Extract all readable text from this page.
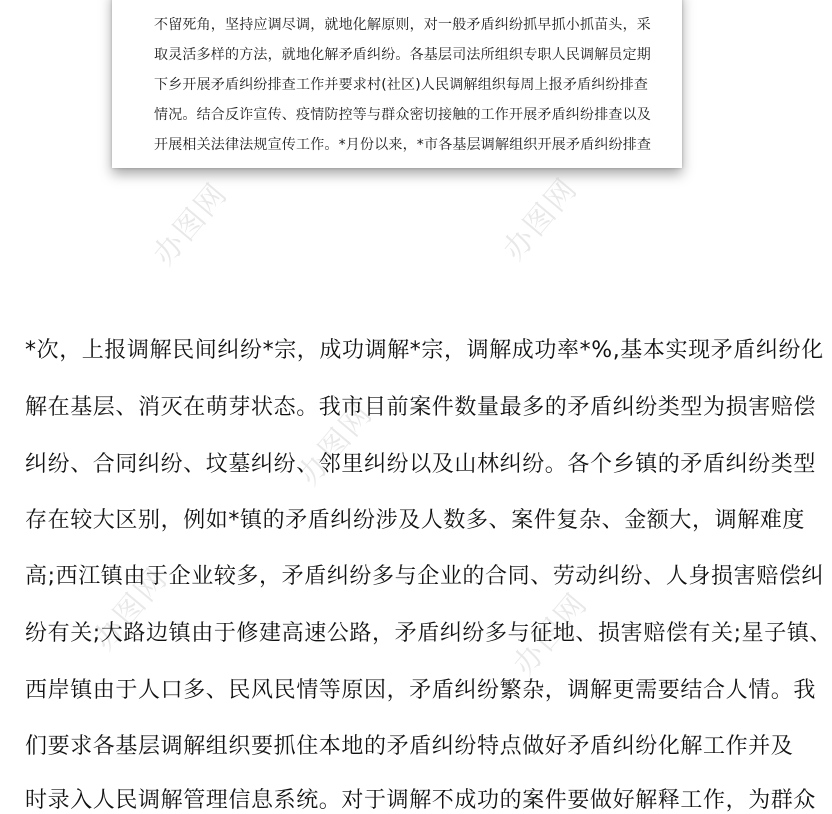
不留死角，坚持应调尽调，就地化解原则，对一般矛盾纠纷抓早抓小抓苗头，采
取灵活多样的方法，就地化解矛盾纠纷。各基层司法所组织专职人民调解员定期
下乡开展矛盾纠纷排查工作并要求村(社区)人民调解组织每周上报矛盾纠纷排查
情况。结合反诈宣传、疫情防控等与群众密切接触的工作开展矛盾纠纷排查以及
开展相关法律法规宣传工作。*月份以来，*市各基层调解组织开展矛盾纠纷排查
办图网	办图网
办图网
办图网	办图网
*次，上报调解民间纠纷*宗，成功调解*宗，调解成功率*%,基本实现矛盾纠纷化
解在基层、消灭在萌芽状态。我市目前案件数量最多的矛盾纠纷类型为损害赔偿
纠纷、合同纠纷、坟墓纠纷、邻里纠纷以及山林纠纷。各个乡镇的矛盾纠纷类型
存在较大区别，例如*镇的矛盾纠纷涉及人数多、案件复杂、金额大，调解难度
高;西江镇由于企业较多，矛盾纠纷多与企业的合同、劳动纠纷、人身损害赔偿纠
纷有关;大路边镇由于修建高速公路，矛盾纠纷多与征地、损害赔偿有关;星子镇、
西岸镇由于人口多、民风民情等原因，矛盾纠纷繁杂，调解更需要结合人情。我
们要求各基层调解组织要抓住本地的矛盾纠纷特点做好矛盾纠纷化解工作并及
时录入人民调解管理信息系统。对于调解不成功的案件要做好解释工作，为群众
